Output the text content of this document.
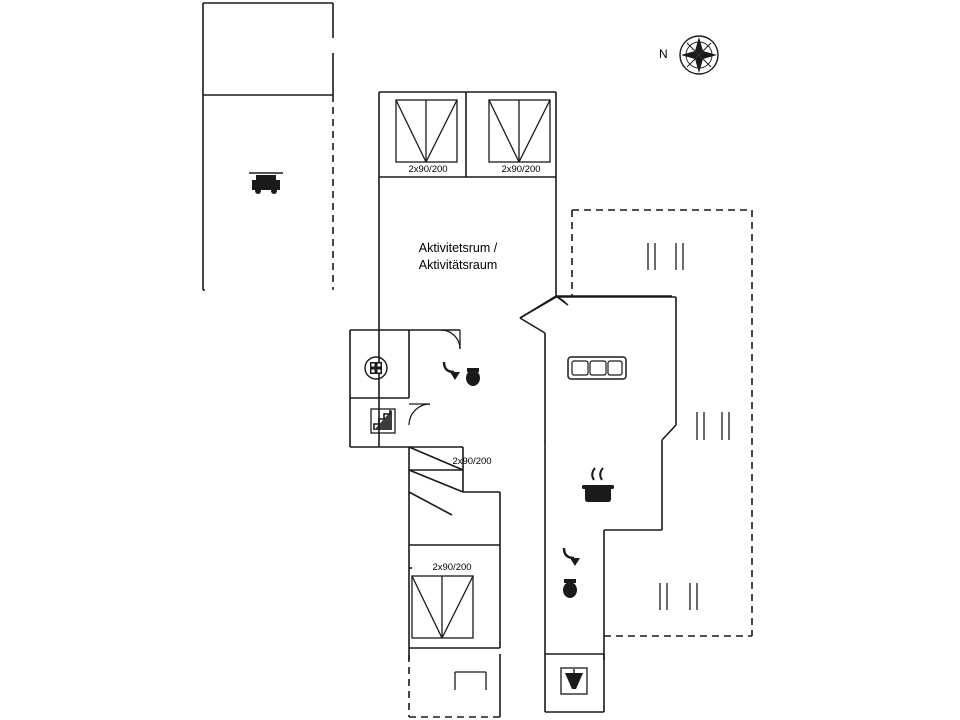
Aktivitetsrum /
Aktivitätsraum
2x90/200	2x90/200
2x90/200
2x90/200
N
